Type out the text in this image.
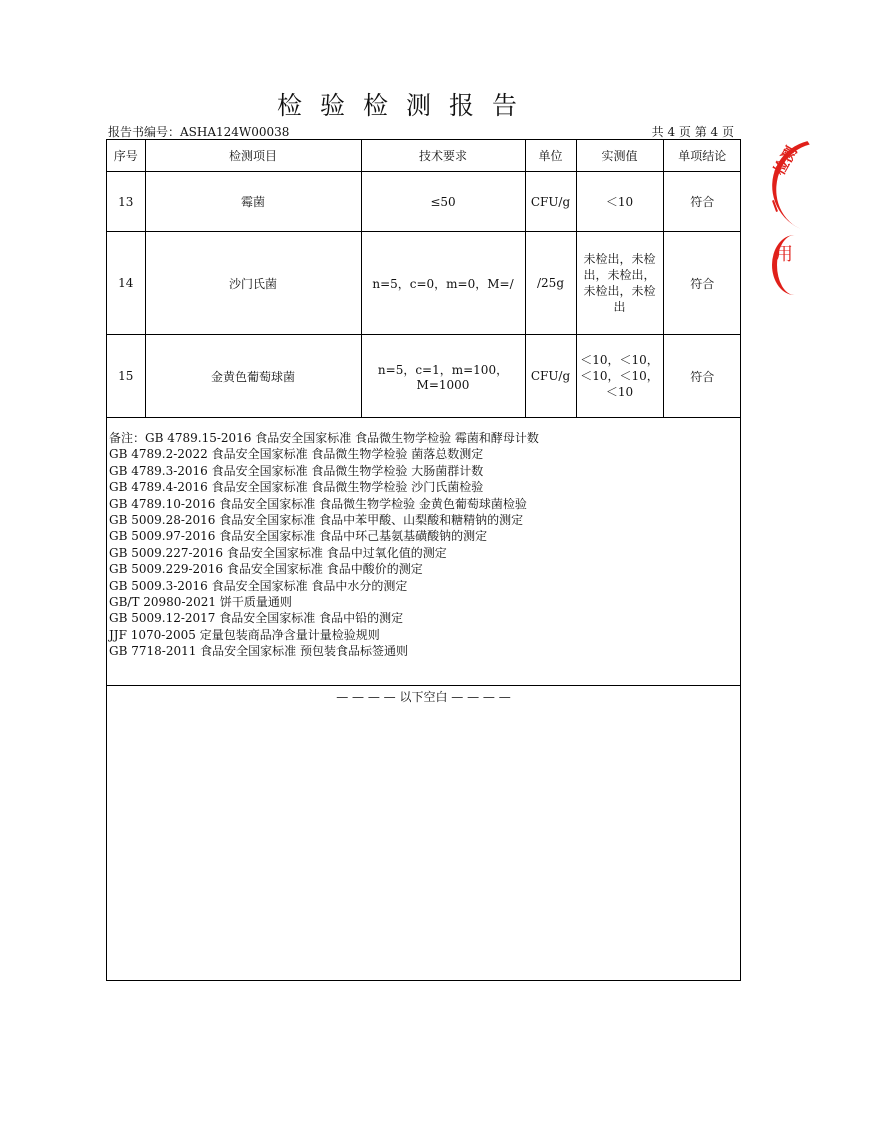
检验检测报告
报告书编号：ASHA124W00038	共 4 页 第 4 页
序号	检测项目	技术要求	单位	实测值	单项结论
13	霉菌	≤50	CFU/g	＜10	符合
14	沙门氏菌	n=5，c=0，m=0，M=/	/25g	未检出，未检出，未检出，未检出，未检出	符合
15	金黄色葡萄球菌	n=5，c=1，m=100，M=1000	CFU/g	＜10，＜10，＜10，＜10，＜10	符合
备注：GB 4789.15-2016 食品安全国家标准 食品微生物学检验 霉菌和酵母计数
GB 4789.2-2022 食品安全国家标准 食品微生物学检验 菌落总数测定
GB 4789.3-2016 食品安全国家标准 食品微生物学检验 大肠菌群计数
GB 4789.4-2016 食品安全国家标准 食品微生物学检验 沙门氏菌检验
GB 4789.10-2016 食品安全国家标准 食品微生物学检验 金黄色葡萄球菌检验
GB 5009.28-2016 食品安全国家标准 食品中苯甲酸、山梨酸和糖精钠的测定
GB 5009.97-2016 食品安全国家标准 食品中环己基氨基磺酸钠的测定
GB 5009.227-2016 食品安全国家标准 食品中过氧化值的测定
GB 5009.229-2016 食品安全国家标准 食品中酸价的测定
GB 5009.3-2016 食品安全国家标准 食品中水分的测定
GB/T 20980-2021 饼干质量通则
GB 5009.12-2017 食品安全国家标准 食品中铅的测定
JJF 1070-2005 定量包装商品净含量计量检验规则
GB 7718-2011 食品安全国家标准 预包装食品标签通则
— — — — 以下空白 — — — —
检测
用
